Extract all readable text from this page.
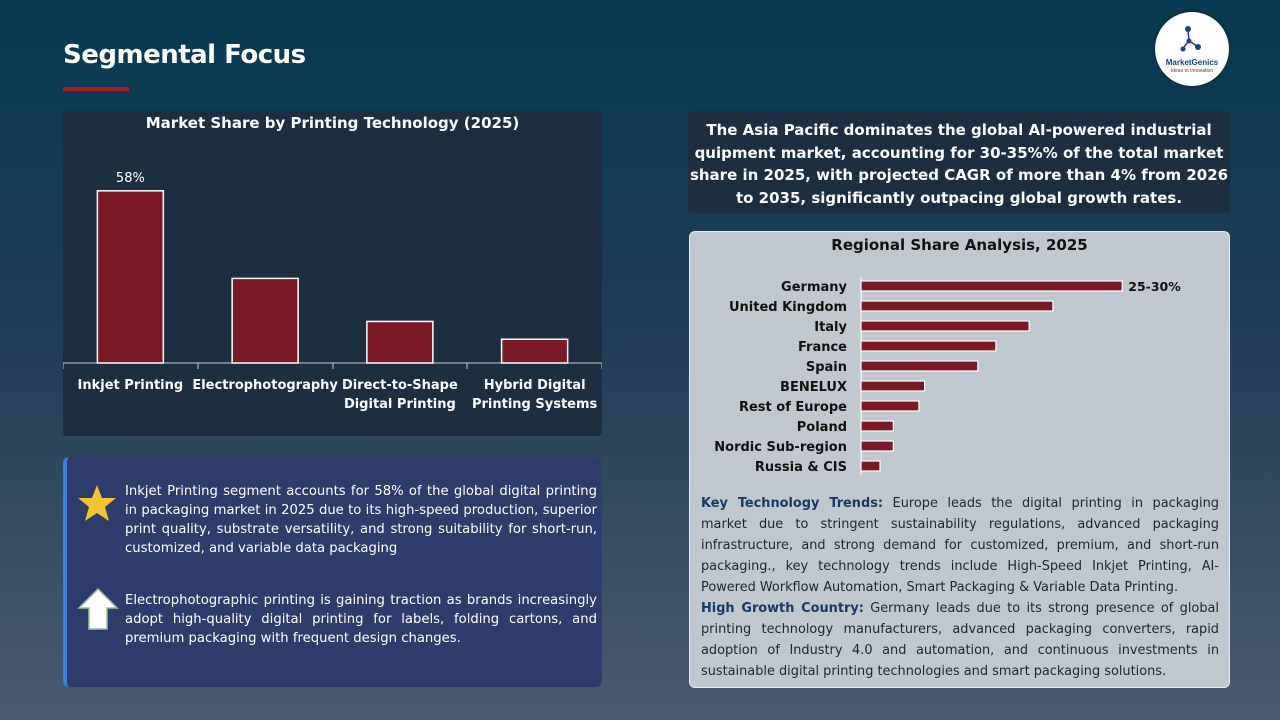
Segmental Focus	MarketGenics
Ideas to Innovation
Market Share by Printing Technology (2025)
58%
Inkjet Printing Electrophotography Direct-to-Shape
Digital Printing
Hybrid Digital
Printing Systems
Inkjet Printing segment accounts for 58% of the global digital printing in packaging market in 2025 due to its high-speed production, superior print quality, substrate versatility, and strong suitability for short-run, customized, and variable data packaging
Electrophotographic printing is gaining traction as brands increasingly adopt high-quality digital printing for labels, folding cartons, and premium packaging with frequent design changes.
The Asia Pacific dominates the global AI-powered industrial quipment market, accounting for 30-35%% of the total market share in 2025, with projected CAGR of more than 4% from 2026 to 2035, significantly outpacing global growth rates.
Regional Share Analysis, 2025
Germany	25-30%
United Kingdom
Italy
France
Spain
BENELUX
Rest of Europe
Poland
Nordic Sub-region
Russia & CIS
Key Technology Trends: Europe leads the digital printing in packaging market due to stringent sustainability regulations, advanced packaging infrastructure, and strong demand for customized, premium, and short-run packaging., key technology trends include High-Speed Inkjet Printing, AI-Powered Workflow Automation, Smart Packaging & Variable Data Printing.
High Growth Country: Germany leads due to its strong presence of global printing technology manufacturers, advanced packaging converters, rapid adoption of Industry 4.0 and automation, and continuous investments in sustainable digital printing technologies and smart packaging solutions.
